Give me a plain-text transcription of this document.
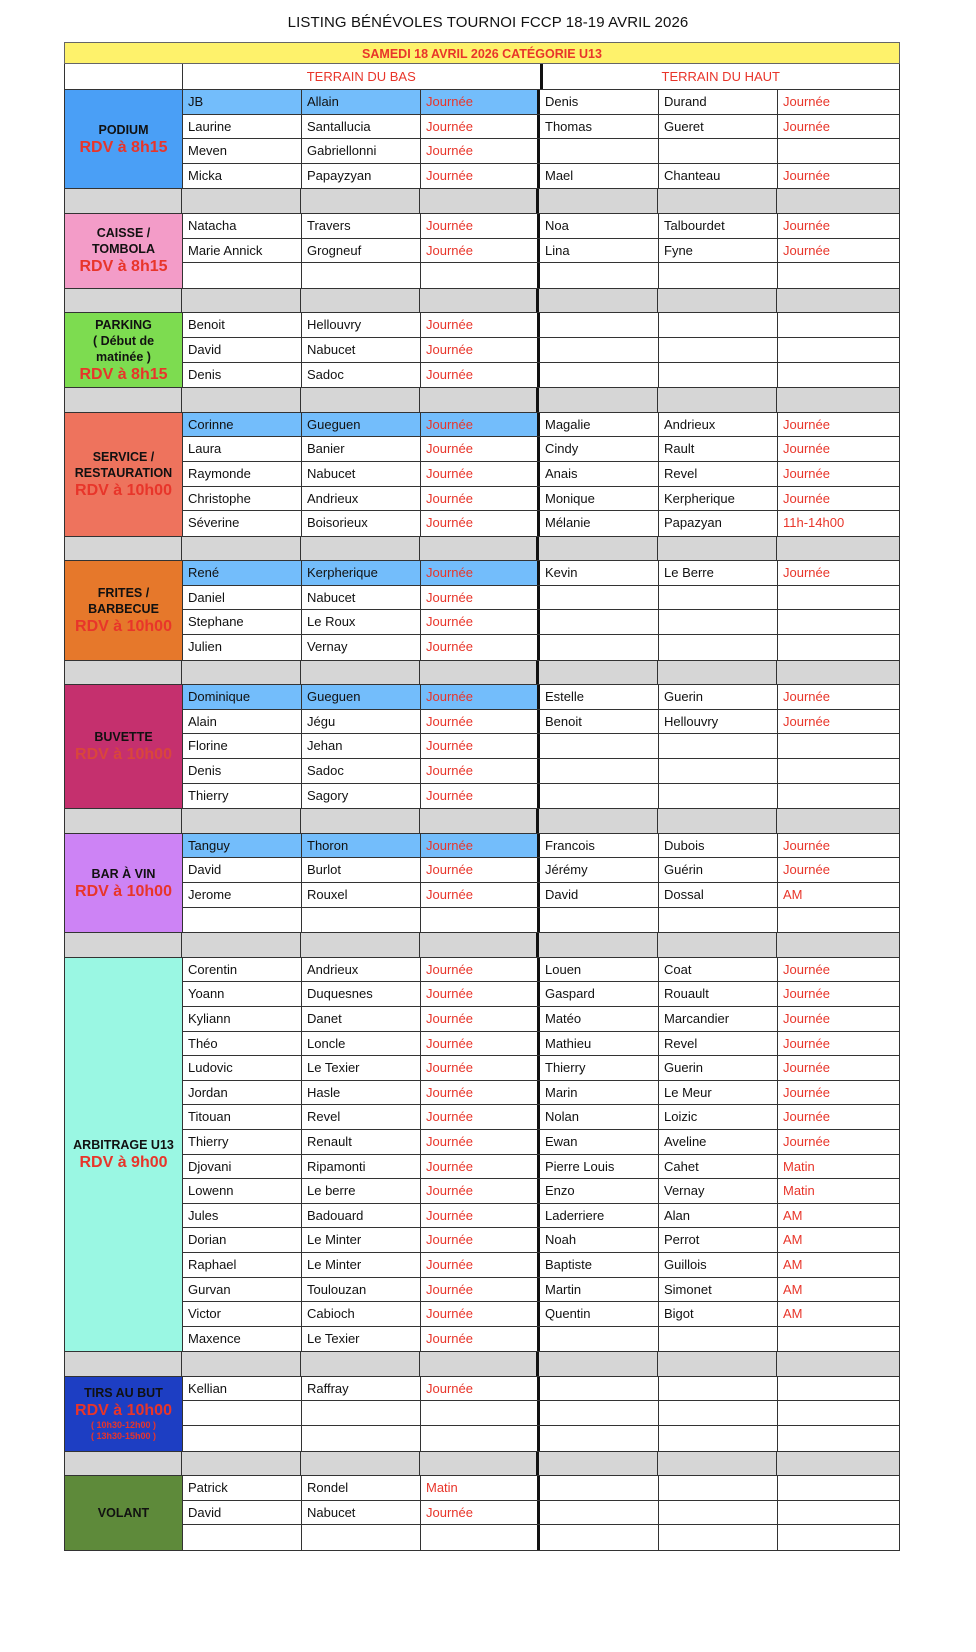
LISTING BÉNÉVOLES TOURNOI FCCP 18-19 AVRIL 2026
SAMEDI 18 AVRIL 2026 CATÉGORIE U13
TERRAIN DU BAS	TERRAIN DU HAUT
PODIUM
RDV à 8h15
JB	Allain	Journée	Denis	Durand	Journée
Laurine	Santallucia	Journée	Thomas	Gueret	Journée
Meven	Gabriellonni	Journée
Micka	Papayzyan	Journée	Mael	Chanteau	Journée
CAISSE /
TOMBOLA
RDV à 8h15
Natacha	Travers	Journée	Noa	Talbourdet	Journée
Marie Annick	Grogneuf	Journée	Lina	Fyne	Journée
PARKING
( Début de
matinée )
RDV à 8h15
Benoit	Hellouvry	Journée
David	Nabucet	Journée
Denis	Sadoc	Journée
SERVICE /
RESTAURATION
RDV à 10h00
Corinne	Gueguen	Journée	Magalie	Andrieux	Journée
Laura	Banier	Journée	Cindy	Rault	Journée
Raymonde	Nabucet	Journée	Anais	Revel	Journée
Christophe	Andrieux	Journée	Monique	Kerpherique	Journée
Séverine	Boisorieux	Journée	Mélanie	Papazyan	11h-14h00
FRITES /
BARBECUE
RDV à 10h00
René	Kerpherique	Journée	Kevin	Le Berre	Journée
Daniel	Nabucet	Journée
Stephane	Le Roux	Journée
Julien	Vernay	Journée
BUVETTE
RDV à 10h00
Dominique	Gueguen	Journée	Estelle	Guerin	Journée
Alain	Jégu	Journée	Benoit	Hellouvry	Journée
Florine	Jehan	Journée
Denis	Sadoc	Journée
Thierry	Sagory	Journée
BAR À VIN
RDV à 10h00
Tanguy	Thoron	Journée	Francois	Dubois	Journée
David	Burlot	Journée	Jérémy	Guérin	Journée
Jerome	Rouxel	Journée	David	Dossal	AM
ARBITRAGE U13
RDV à 9h00
Corentin	Andrieux	Journée	Louen	Coat	Journée
Yoann	Duquesnes	Journée	Gaspard	Rouault	Journée
Kyliann	Danet	Journée	Matéo	Marcandier	Journée
Théo	Loncle	Journée	Mathieu	Revel	Journée
Ludovic	Le Texier	Journée	Thierry	Guerin	Journée
Jordan	Hasle	Journée	Marin	Le Meur	Journée
Titouan	Revel	Journée	Nolan	Loizic	Journée
Thierry	Renault	Journée	Ewan	Aveline	Journée
Djovani	Ripamonti	Journée	Pierre Louis	Cahet	Matin
Lowenn	Le berre	Journée	Enzo	Vernay	Matin
Jules	Badouard	Journée	Laderriere	Alan	AM
Dorian	Le Minter	Journée	Noah	Perrot	AM
Raphael	Le Minter	Journée	Baptiste	Guillois	AM
Gurvan	Toulouzan	Journée	Martin	Simonet	AM
Victor	Cabioch	Journée	Quentin	Bigot	AM
Maxence	Le Texier	Journée
TIRS AU BUT
RDV à 10h00
( 10h30-12h00 )
( 13h30-15h00 )
Kellian	Raffray	Journée
VOLANT
Patrick	Rondel	Matin
David	Nabucet	Journée
